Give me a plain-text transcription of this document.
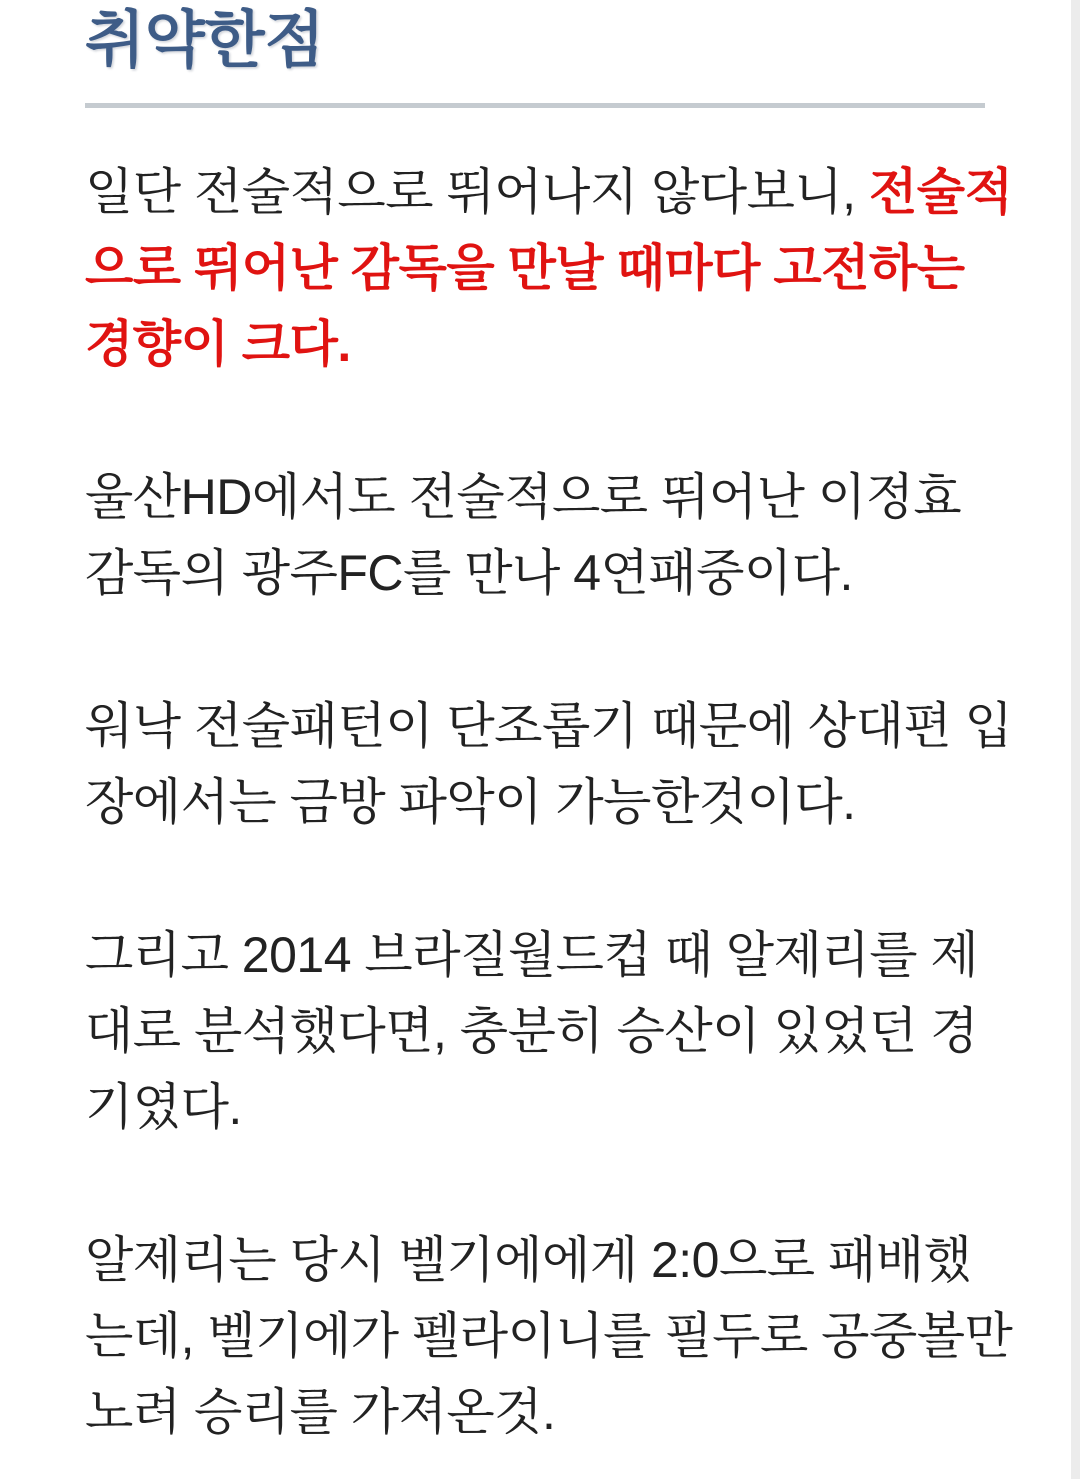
취약한점
일단 전술적으로 뛰어나지 않다보니, 전술적
으로 뛰어난 감독을 만날 때마다 고전하는
경향이 크다.
울산HD에서도 전술적으로 뛰어난 이정효
감독의 광주FC를 만나 4연패중이다.
워낙 전술패턴이 단조롭기 때문에 상대편 입
장에서는 금방 파악이 가능한것이다.
그리고 2014 브라질월드컵 때 알제리를 제
대로 분석했다면, 충분히 승산이 있었던 경
기였다.
알제리는 당시 벨기에에게 2:0으로 패배했
는데, 벨기에가 펠라이니를 필두로 공중볼만
노려 승리를 가져온것.
